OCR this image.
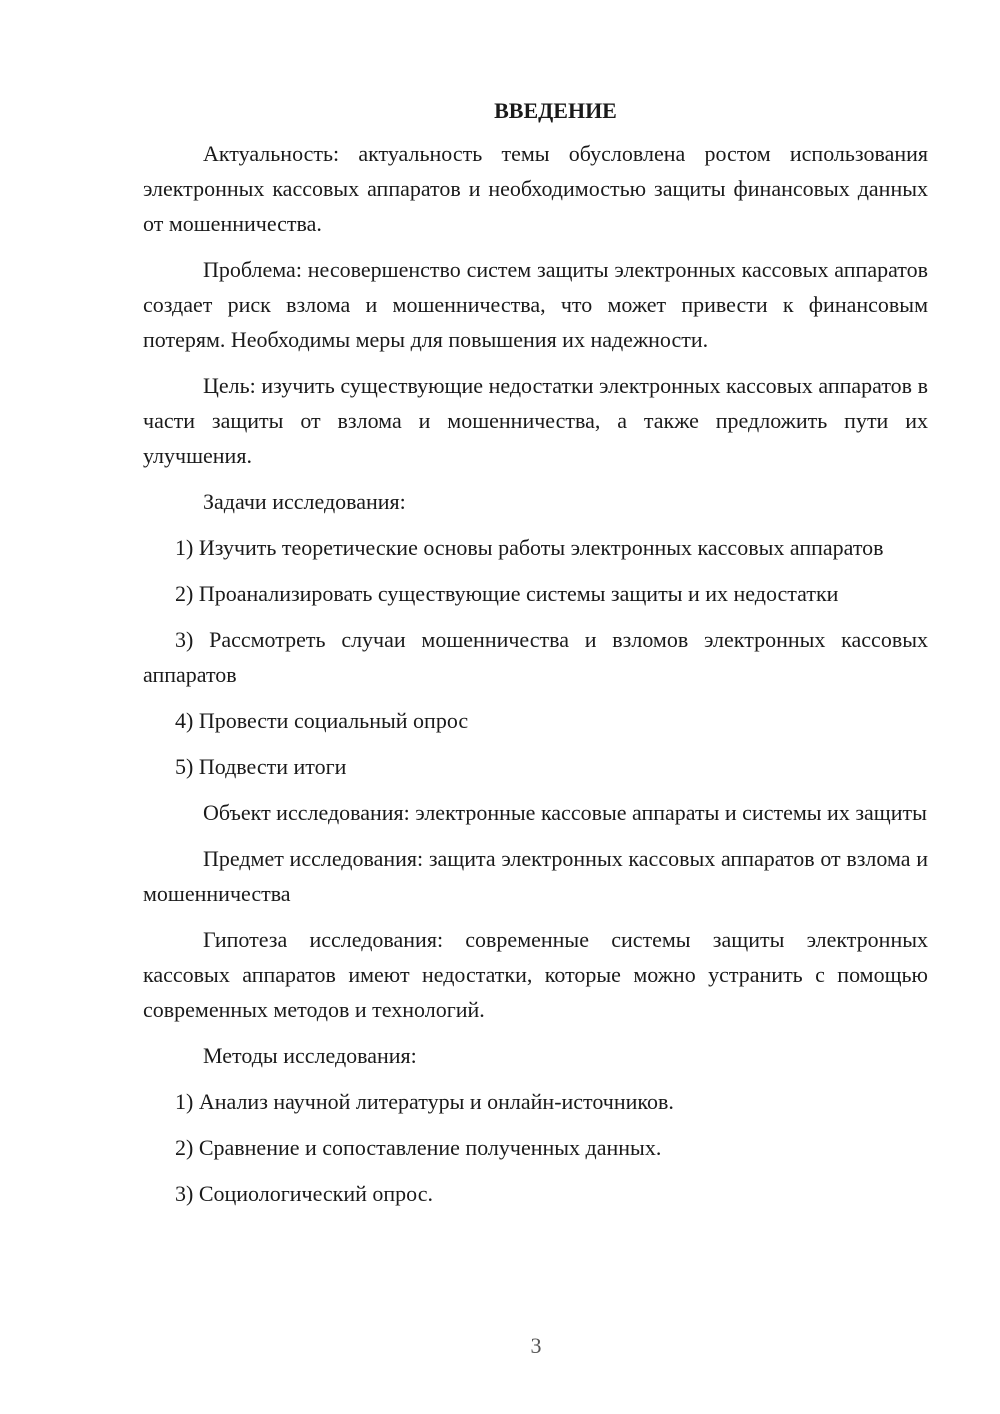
ВВЕДЕНИЕ
Актуальность: актуальность темы обусловлена ростом использования электронных кассовых аппаратов и необходимостью защиты финансовых данных от мошенничества.
Проблема: несовершенство систем защиты электронных кассовых аппаратов создает риск взлома и мошенничества, что может привести к финансовым потерям. Необходимы меры для повышения их надежности.
Цель: изучить существующие недостатки электронных кассовых аппаратов в части защиты от взлома и мошенничества, а также предложить пути их улучшения.
Задачи исследования:
1) Изучить теоретические основы работы электронных кассовых аппаратов
2) Проанализировать существующие системы защиты и их недостатки
3) Рассмотреть случаи мошенничества и взломов электронных кассовых аппаратов
4) Провести социальный опрос
5) Подвести итоги
Объект исследования: электронные кассовые аппараты и системы их защиты
Предмет исследования: защита электронных кассовых аппаратов от взлома и мошенничества
Гипотеза исследования: современные системы защиты электронных кассовых аппаратов имеют недостатки, которые можно устранить с помощью современных методов и технологий.
Методы исследования:
1) Анализ научной литературы и онлайн-источников.
2) Сравнение и сопоставление полученных данных.
3) Социологический опрос.
3
